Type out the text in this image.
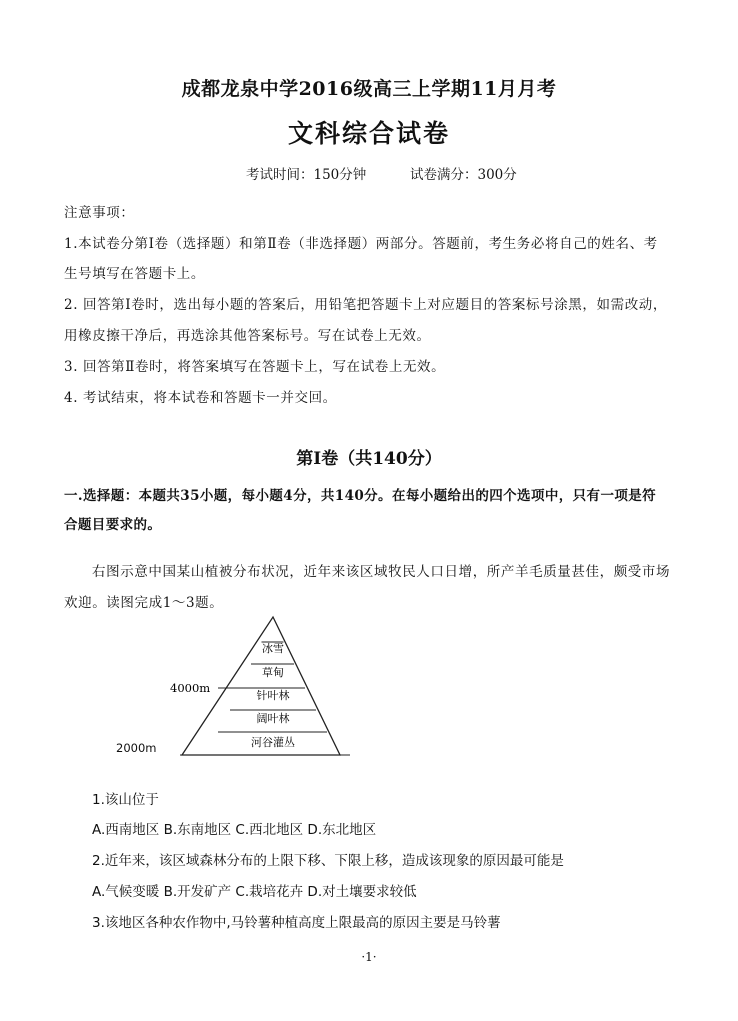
成都龙泉中学2016级高三上学期11月月考
文科综合试卷
考试时间：150分钟	试卷满分：300分
注意事项：
1.本试卷分第Ⅰ卷（选择题）和第Ⅱ卷（非选择题）两部分。答题前，考生务必将自己的姓名、考
生号填写在答题卡上。
2. 回答第Ⅰ卷时，选出每小题的答案后，用铅笔把答题卡上对应题目的答案标号涂黑，如需改动，
用橡皮擦干净后，再选涂其他答案标号。写在试卷上无效。
3. 回答第Ⅱ卷时，将答案填写在答题卡上，写在试卷上无效。
4. 考试结束，将本试卷和答题卡一并交回。
第Ⅰ卷（共140分）
一.选择题：本题共35小题，每小题4分，共140分。在每小题给出的四个选项中，只有一项是符
合题目要求的。
右图示意中国某山植被分布状况，近年来该区域牧民人口日增，所产羊毛质量甚佳，颇受市场
欢迎。读图完成1～3题。
冰雪
草甸
针叶林
阔叶林
河谷灌丛
4000m
2000m
1.该山位于
A.西南地区 B.东南地区 C.西北地区 D.东北地区
2.近年来，该区域森林分布的上限下移、下限上移，造成该现象的原因最可能是
A.气候变暖 B.开发矿产 C.栽培花卉 D.对土壤要求较低
3.该地区各种农作物中,马铃薯种植高度上限最高的原因主要是马铃薯
·1·
